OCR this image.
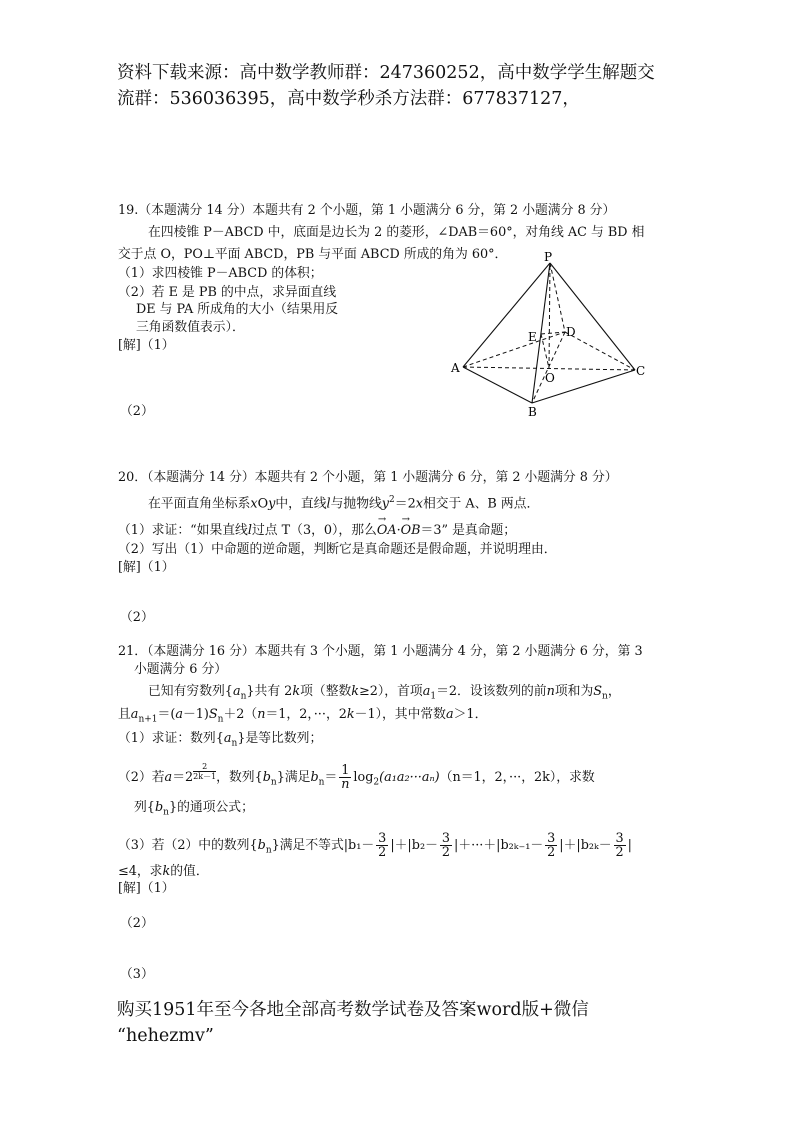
资料下载来源：高中数学教师群：247360252，高中数学学生解题交
流群：536036395，高中数学秒杀方法群：677837127，
19.（本题满分 14 分）本题共有 2 个小题，第 1 小题满分 6 分，第 2 小题满分 8 分）
在四棱锥 P－ABCD 中，底面是边长为 2 的菱形，∠DAB＝60°，对角线 AC 与 BD 相
交于点 O，PO⊥平面 ABCD，PB 与平面 ABCD 所成的角为 60°．
（1）求四棱锥 P－ABCD 的体积；
（2）若 E 是 PB 的中点，求异面直线
DE 与 PA 所成角的大小（结果用反
三角函数值表示）．
[解]（1）
（2）
P
A
B
C
D
E
O
20．（本题满分 14 分）本题共有 2 个小题，第 1 小题满分 6 分，第 2 小题满分 8 分）
在平面直角坐标系xOy中，直线l与抛物线$y^2=2x$相交于 A、B 两点．
（1）求证：“如果直线l过点 T（3，0），那么→ OA·→ OB＝3” 是真命题；
（2）写出（1）中命题的逆命题，判断它是真命题还是假命题，并说明理由．
[解]（1）
（2）
21．（本题满分 16 分）本题共有 3 个小题，第 1 小题满分 4 分，第 2 小题满分 6 分，第 3
小题满分 6 分）
已知有穷数列$\{a_n\}$共有 2k项（整数k≥2），首项$a_1=2$．设该数列的前n项和为$S_n$，
且$a_{n+1}=(a-1)S_n+2(n=1$，2，···，2k－1），其中常数a＞1．
（1）求证：数列$\{a_n\}$是等比数列；
（2）若$a=2 \frac{2}{2k-1}$ ，数列$\{b_n\}$满足$b_n= \frac{1}{n} \log_2(a_1a_2\cdot\cdot\cdot a_n)(n=1$，2，···，2k），求数
列$\{b_n\}$的通项公式；
（3）若（2）中的数列$\{b_n\}$满足不等式$|b_1- \frac{3}{2} |+|b_2- \frac{3}{2} |+\cdot\cdot\cdot+|b_{2k-1}- \frac{3}{2} |+|b_{2k}- \frac{3}{2}$ |
≤4，求k的值．
[解]（1）
（2）
（3）
购买1951年至今各地全部高考数学试卷及答案word版+微信
“hehezmv”
